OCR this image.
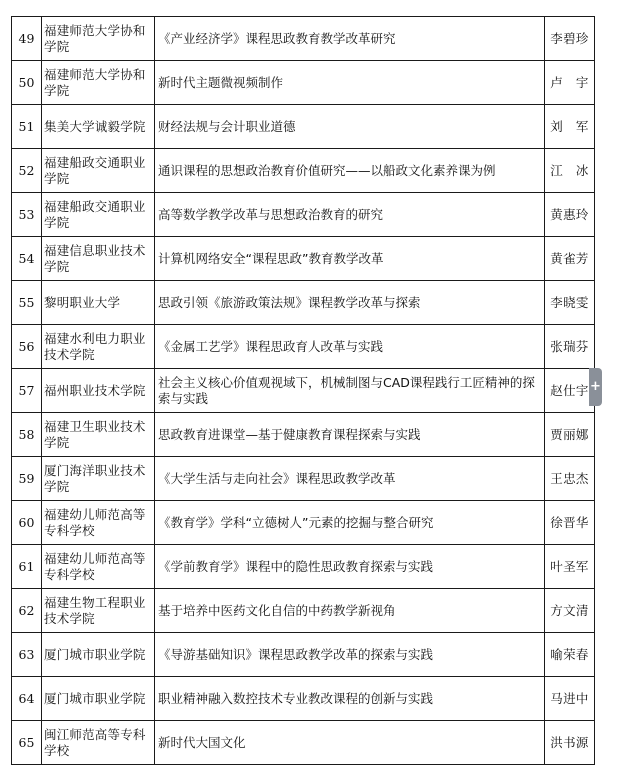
49	福建师范大学协和学院	《产业经济学》课程思政教育教学改革研究	李碧珍
50	福建师范大学协和学院	新时代主题微视频制作	卢　宇
51	集美大学诚毅学院	财经法规与会计职业道德	刘　军
52	福建船政交通职业学院	通识课程的思想政治教育价值研究——以船政文化素养课为例	江　冰
53	福建船政交通职业学院	高等数学教学改革与思想政治教育的研究	黄惠玲
54	福建信息职业技术学院	计算机网络安全“课程思政”教育教学改革	黄雀芳
55	黎明职业大学	思政引领《旅游政策法规》课程教学改革与探索	李晓雯
56	福建水利电力职业技术学院	《金属工艺学》课程思政育人改革与实践	张瑞芬
57	福州职业技术学院	社会主义核心价值观视域下，机械制图与CAD课程践行工匠精神的探索与实践	赵仕宇
58	福建卫生职业技术学院	思政教育进课堂—基于健康教育课程探索与实践	贾丽娜
59	厦门海洋职业技术学院	《大学生活与走向社会》课程思政教学改革	王忠杰
60	福建幼儿师范高等专科学校	《教育学》学科“立德树人”元素的挖掘与整合研究	徐晋华
61	福建幼儿师范高等专科学校	《学前教育学》课程中的隐性思政教育探索与实践	叶圣军
62	福建生物工程职业技术学院	基于培养中医药文化自信的中药教学新视角	方文清
63	厦门城市职业学院	《导游基础知识》课程思政教学改革的探索与实践	喻荣春
64	厦门城市职业学院	职业精神融入数控技术专业教改课程的创新与实践	马进中
65	闽江师范高等专科学校	新时代大国文化	洪书源
+
